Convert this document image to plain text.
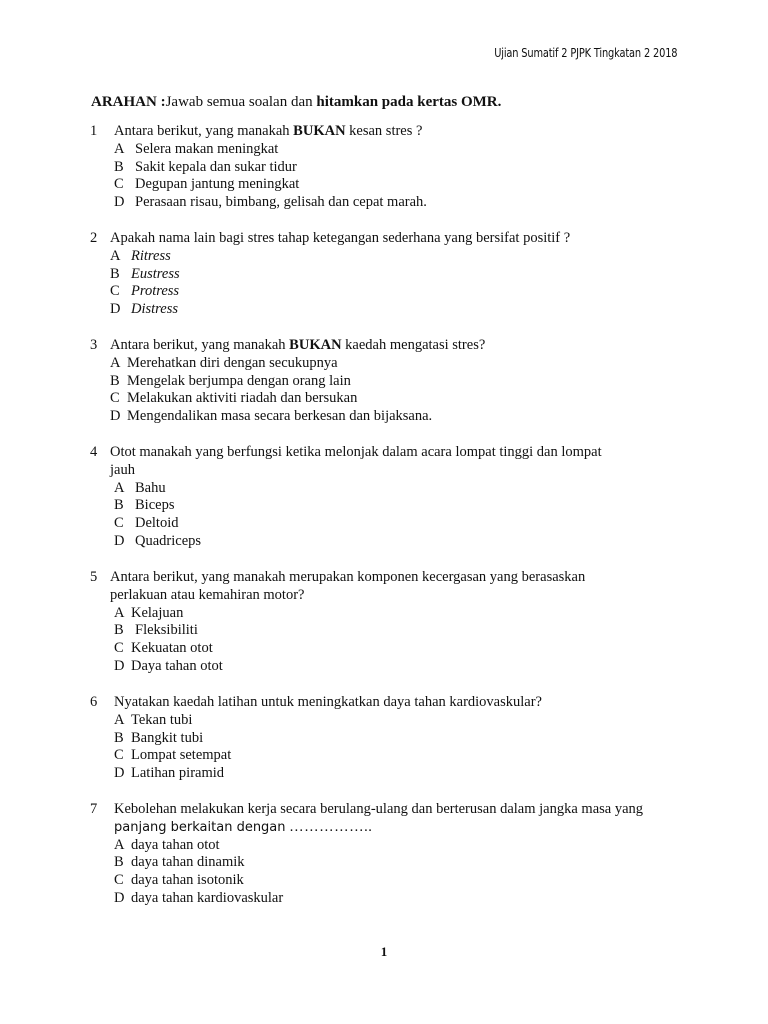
Ujian Sumatif 2 PJPK Tingkatan 2 2018
ARAHAN :Jawab semua soalan dan hitamkan pada kertas OMR.
1	Antara berikut, yang manakah BUKAN kesan stres ?
A Selera makan meningkat
B Sakit kepala dan sukar tidur
C Degupan jantung meningkat
D Perasaan risau, bimbang, gelisah dan cepat marah.
2 Apakah nama lain bagi stres tahap ketegangan sederhana yang bersifat positif ?
A Ritress
B Eustress
C Protress
D Distress
3 Antara berikut, yang manakah BUKAN kaedah mengatasi stres?
A Merehatkan diri dengan secukupnya
B Mengelak berjumpa dengan orang lain
C Melakukan aktiviti riadah dan bersukan
D Mengendalikan masa secara berkesan dan bijaksana.
4 Otot manakah yang berfungsi ketika melonjak dalam acara lompat tinggi dan lompat
jauh
A Bahu
B Biceps
C Deltoid
D Quadriceps
5 Antara berikut, yang manakah merupakan komponen kecergasan yang berasaskan
perlakuan atau kemahiran motor?
A Kelajuan
B Fleksibiliti
C Kekuatan otot
D Daya tahan otot
6	Nyatakan kaedah latihan untuk meningkatkan daya tahan kardiovaskular?
A Tekan tubi
B Bangkit tubi
C Lompat setempat
D Latihan piramid
7	Kebolehan melakukan kerja secara berulang-ulang dan berterusan dalam jangka masa yang
panjang berkaitan dengan ……………..
A daya tahan otot
B daya tahan dinamik
C daya tahan isotonik
D daya tahan kardiovaskular
1
